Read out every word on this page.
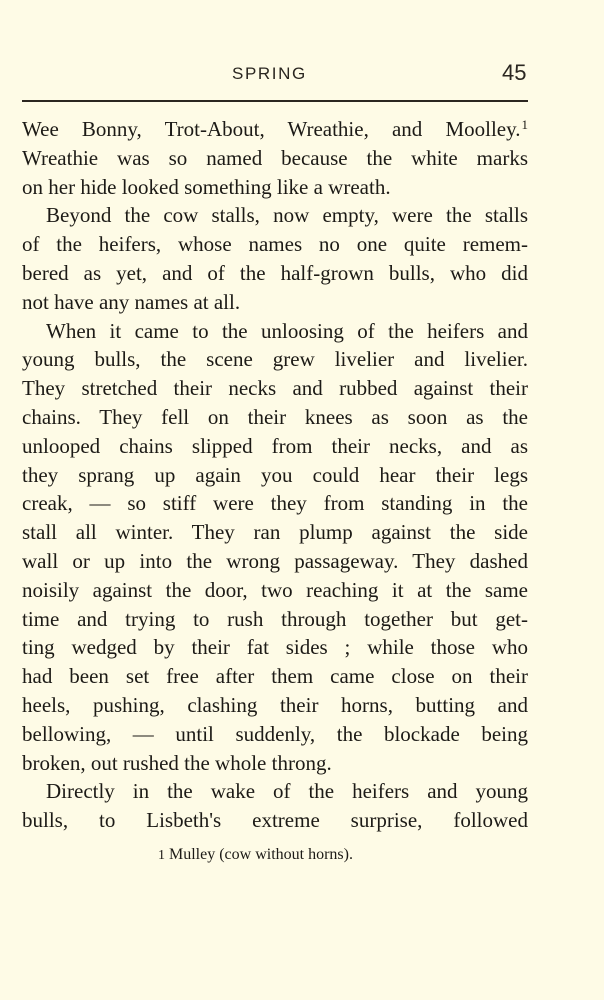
SPRING	45
Wee Bonny, Trot-About, Wreathie, and Moolley.$^1$
Wreathie was so named because the white marks
on her hide looked something like a wreath.
Beyond the cow stalls, now empty, were the stalls
of the heifers, whose names no one quite remem-
bered as yet, and of the half-grown bulls, who did
not have any names at all.
When it came to the unloosing of the heifers and
young bulls, the scene grew livelier and livelier.
They stretched their necks and rubbed against their
chains. They fell on their knees as soon as the
unlooped chains slipped from their necks, and as
they sprang up again you could hear their legs
creak, — so stiff were they from standing in the
stall all winter. They ran plump against the side
wall or up into the wrong passageway. They dashed
noisily against the door, two reaching it at the same
time and trying to rush through together but get-
ting wedged by their fat sides ; while those who
had been set free after them came close on their
heels, pushing, clashing their horns, butting and
bellowing, — until suddenly, the blockade being
broken, out rushed the whole throng.
Directly in the wake of the heifers and young
bulls, to Lisbeth's extreme surprise, followed
1 Mulley (cow without horns).
